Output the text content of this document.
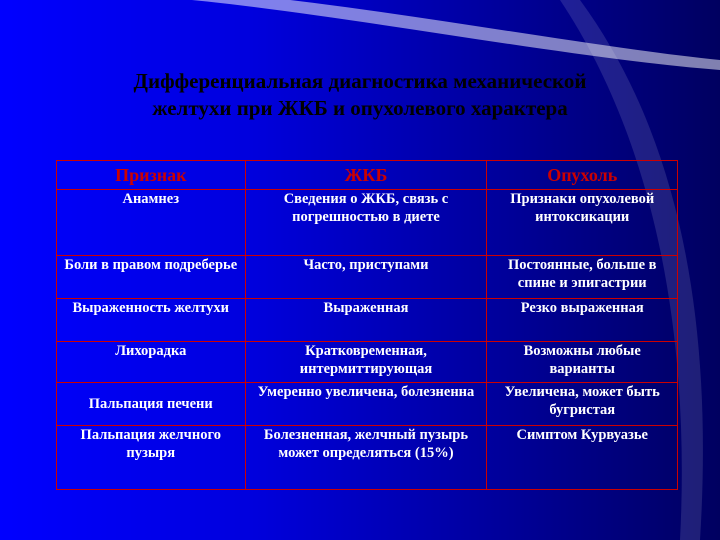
Дифференциальная диагностика механической
желтухи при ЖКБ и опухолевого характера
Признак	ЖКБ	Опухоль
Анамнез	Сведения о ЖКБ, связь с погрешностью в диете	Признаки опухолевой интоксикации
Боли в правом подреберье	Часто, приступами	Постоянные, больше в спине и эпигастрии
Выраженность желтухи	Выраженная	Резко выраженная
Лихорадка	Кратковременная, интермиттирующая	Возможны любые варианты
Пальпация печени	Умеренно увеличена, болезненна	Увеличена, может быть бугристая
Пальпация желчного пузыря	Болезненная, желчный пузырь может определяться (15%)	Симптом Курвуазье
